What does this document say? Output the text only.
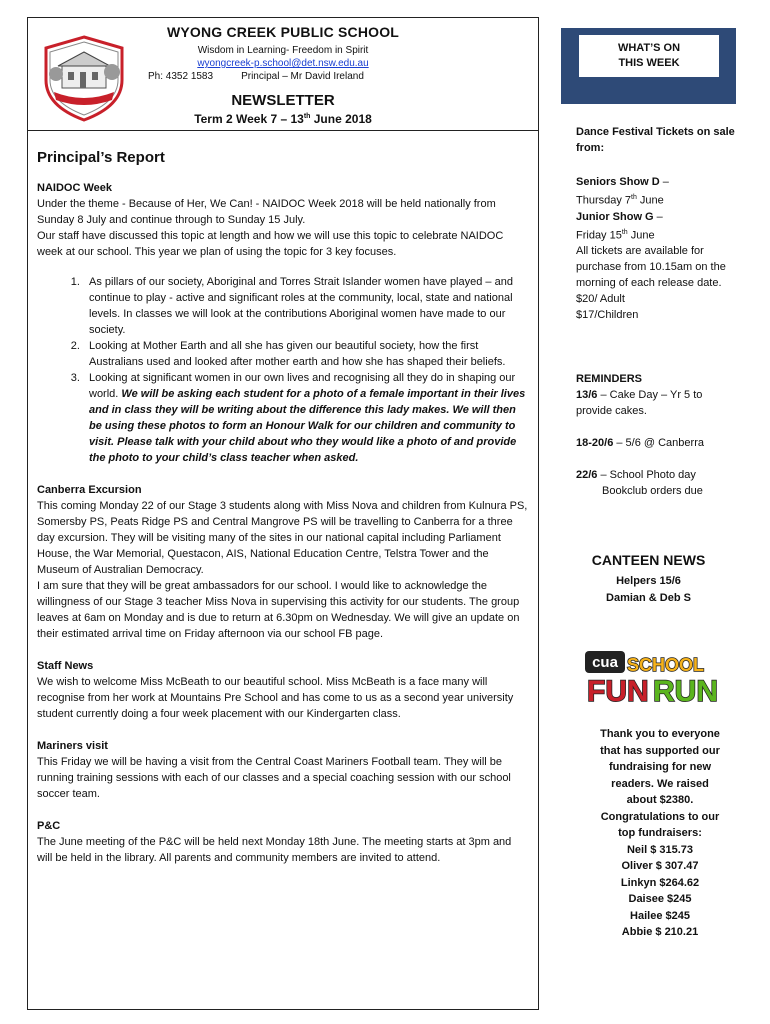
WYONG CREEK PUBLIC SCHOOL
Wisdom in Learning- Freedom in Spirit
wyongcreek-p.school@det.nsw.edu.au
Ph: 4352 1583	Principal – Mr David Ireland
NEWSLETTER
Term 2 Week 7 – 13th June 2018
Principal’s Report
NAIDOC Week

Under the theme - Because of Her, We Can! - NAIDOC Week 2018 will be held nationally from Sunday 8 July and continue through to Sunday 15 July.

Our staff have discussed this topic at length and how we will use this topic to celebrate NAIDOC week at our school. This year we plan of using the topic for 3 key focuses.

1. As pillars of our society, Aboriginal and Torres Strait Islander women have played – and continue to play - active and significant roles at the community, local, state and national levels. In classes we will look at the contributions Aboriginal women have made to our society.
2. Looking at Mother Earth and all she has given our beautiful society, how the first Australians used and looked after mother earth and how she has shaped their beliefs.
3. Looking at significant women in our own lives and recognising all they do in shaping our world. We will be asking each student for a photo of a female important in their lives and in class they will be writing about the difference this lady makes. We will then be using these photos to form an Honour Walk for our children and community to visit. Please talk with your child about who they would like a photo of and provide the photo to your child’s class teacher when asked.
Canberra Excursion

This coming Monday 22 of our Stage 3 students along with Miss Nova and children from Kulnura PS, Somersby PS, Peats Ridge PS and Central Mangrove PS will be travelling to Canberra for a three day excursion. They will be visiting many of the sites in our national capital including Parliament House, the War Memorial, Questacon, AIS, National Education Centre, Telstra Tower and the Museum of Australian Democracy.

I am sure that they will be great ambassadors for our school. I would like to acknowledge the willingness of our Stage 3 teacher Miss Nova in supervising this activity for our students. The group leaves at 6am on Monday and is due to return at 6.30pm on Wednesday. We will give an update on their estimated arrival time on Friday afternoon via our school FB page.

Staff News

We wish to welcome Miss McBeath to our beautiful school. Miss McBeath is a face many will recognise from her work at Mountains Pre School and has come to us as a second year university student currently doing a four week placement with our Kindergarten class.

Mariners visit

This Friday we will be having a visit from the Central Coast Mariners Football team. They will be running training sessions with each of our classes and a special coaching session with our school soccer team.

P&C

The June meeting of the P&C will be held next Monday 18th June. The meeting starts at 3pm and will be held in the library. All parents and community members are invited to attend.

WHAT’S ON
THIS WEEK
Dance Festival Tickets on sale from:
Seniors Show D –
Thursday 7th June
Junior Show G –
Friday 15th June
All tickets are available for purchase from 10.15am on the morning of each release date.
$20/ Adult
$17/Children
REMINDERS
13/6 – Cake Day – Yr 5 to provide cakes.
18-20/6 – 5/6 @ Canberra
22/6 – School Photo day
Bookclub orders due
CANTEEN NEWS
Helpers 15/6
Damian & Deb S
cua SCHOOL
FUN RUN
Thank you to everyone
that has supported our
fundraising for new
readers. We raised
about $2380.
Congratulations to our
top fundraisers:
Neil $ 315.73
Oliver $ 307.47
Linkyn $264.62
Daisee $245
Hailee $245
Abbie $ 210.21
